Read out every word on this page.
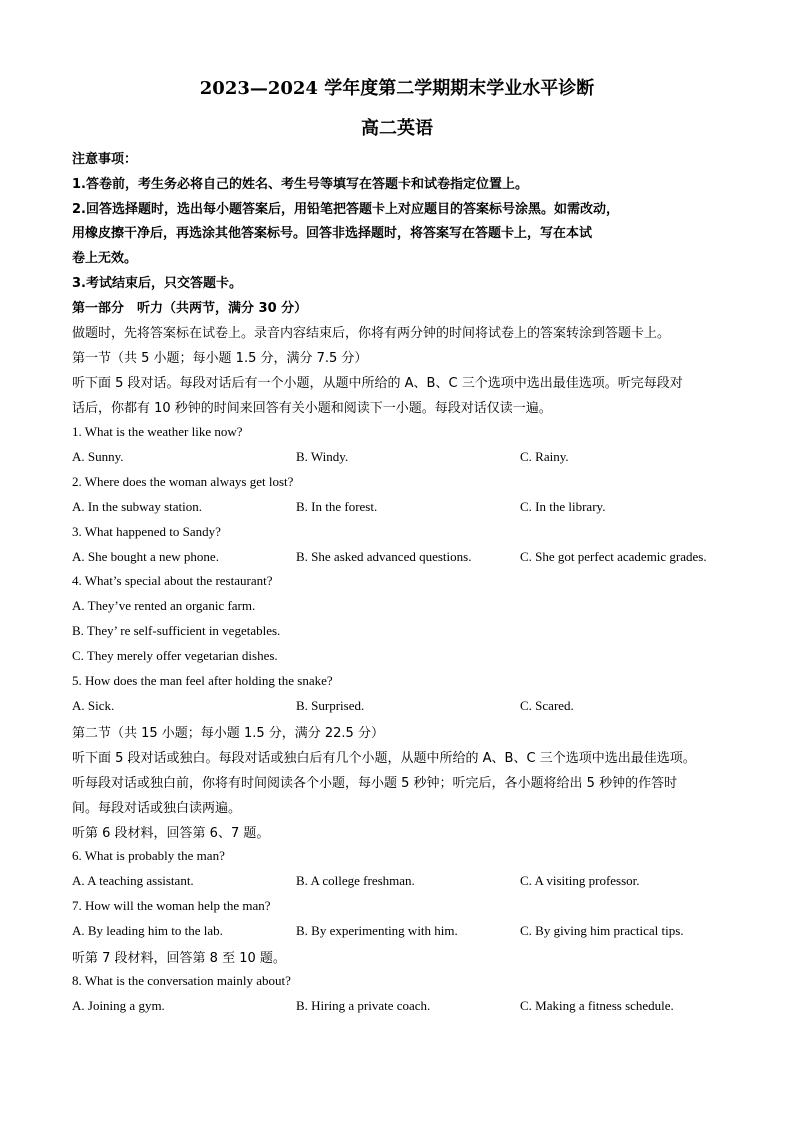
2023—2024 学年度第二学期期末学业水平诊断
高二英语
注意事项：
1.答卷前，考生务必将自己的姓名、考生号等填写在答题卡和试卷指定位置上。
2.回答选择题时，选出每小题答案后，用铅笔把答题卡上对应题目的答案标号涂黑。如需改动，
用橡皮擦干净后，再选涂其他答案标号。回答非选择题时，将答案写在答题卡上，写在本试
卷上无效。
3.考试结束后，只交答题卡。
第一部分　听力（共两节，满分 30 分）
做题时，先将答案标在试卷上。录音内容结束后，你将有两分钟的时间将试卷上的答案转涂到答题卡上。
第一节（共 5 小题；每小题 1.5 分，满分 7.5 分）
听下面 5 段对话。每段对话后有一个小题，从题中所给的 A、B、C 三个选项中选出最佳选项。听完每段对
话后，你都有 10 秒钟的时间来回答有关小题和阅读下一小题。每段对话仅读一遍。
1. What is the weather like now?
A. Sunny.	B. Windy.	C. Rainy.
2. Where does the woman always get lost?
A. In the subway station.	B. In the forest.	C. In the library.
3. What happened to Sandy?
A. She bought a new phone.	B. She asked advanced questions.	C. She got perfect academic grades.
4. What’s special about the restaurant?
A. They’ve rented an organic farm.
B. They’ re self-sufficient in vegetables.
C. They merely offer vegetarian dishes.
5. How does the man feel after holding the snake?
A. Sick.	B. Surprised.	C. Scared.
第二节（共 15 小题；每小题 1.5 分，满分 22.5 分）
听下面 5 段对话或独白。每段对话或独白后有几个小题，从题中所给的 A、B、C 三个选项中选出最佳选项。
听每段对话或独白前，你将有时间阅读各个小题，每小题 5 秒钟；听完后，各小题将给出 5 秒钟的作答时
间。每段对话或独白读两遍。
听第 6 段材料，回答第 6、7 题。
6. What is probably the man?
A. A teaching assistant.	B. A college freshman.	C. A visiting professor.
7. How will the woman help the man?
A. By leading him to the lab.	B. By experimenting with him.	C. By giving him practical tips.
听第 7 段材料，回答第 8 至 10 题。
8. What is the conversation mainly about?
A. Joining a gym.	B. Hiring a private coach.	C. Making a fitness schedule.
